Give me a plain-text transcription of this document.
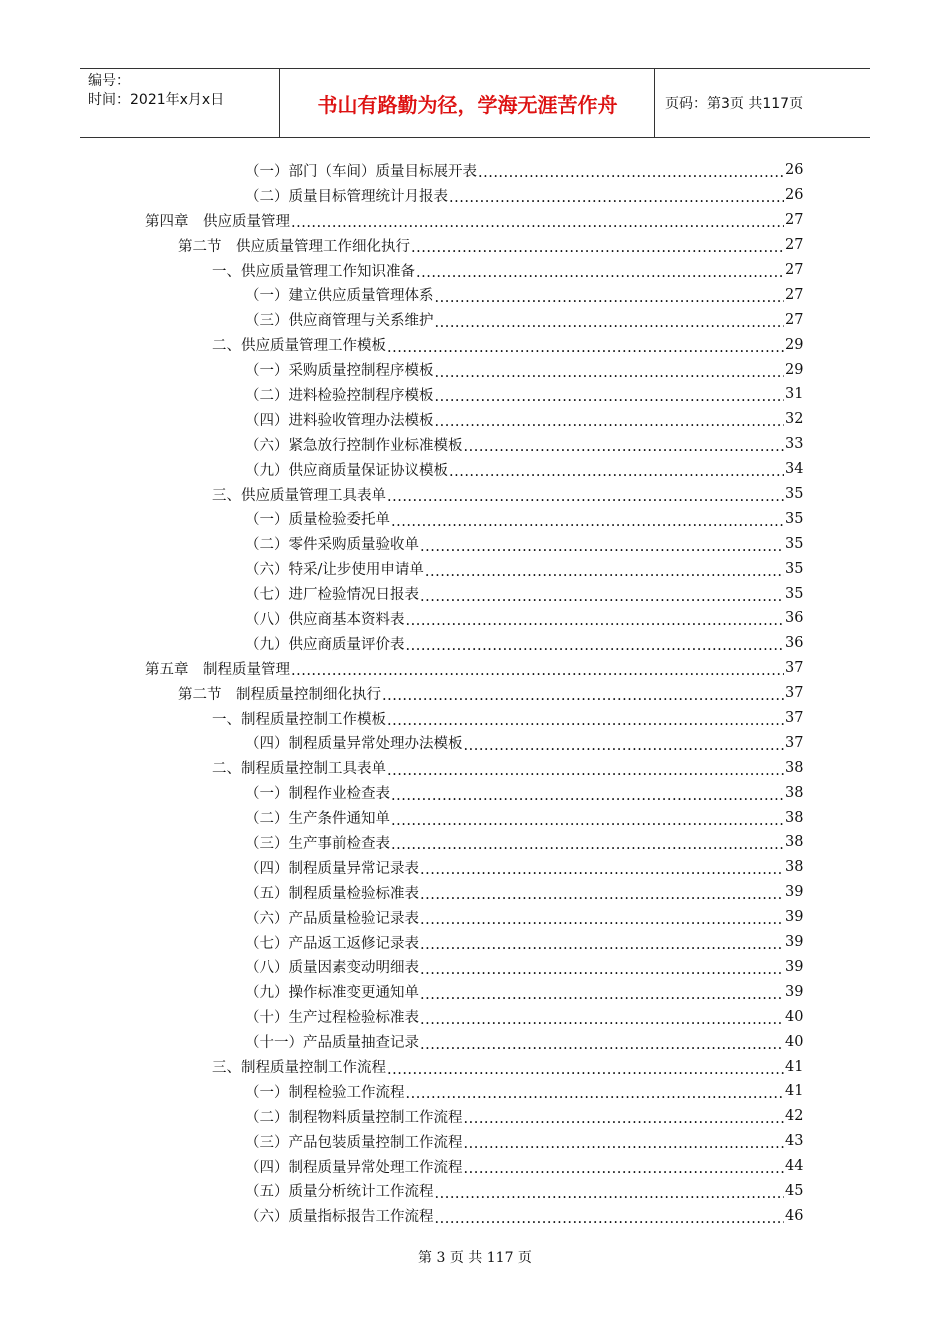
编号：
时间：2021年x月x日	书山有路勤为径，学海无涯苦作舟	页码：第3页 共117页
（一）部门（车间）质量目标展开表 .....	26
（二）质量目标管理统计月报表 .....	26
第四章　供应质量管理 .....	27
第二节　供应质量管理工作细化执行 .....	27
一、供应质量管理工作知识准备 .....	27
（一）建立供应质量管理体系 .....	27
（三）供应商管理与关系维护 .....	27
二、供应质量管理工作模板 .....	29
（一）采购质量控制程序模板 .....	29
（二）进料检验控制程序模板 .....	31
（四）进料验收管理办法模板 .....	32
（六）紧急放行控制作业标准模板 .....	33
（九）供应商质量保证协议模板 .....	34
三、供应质量管理工具表单 .....	35
（一）质量检验委托单 .....	35
（二）零件采购质量验收单 .....	35
（六）特采/让步使用申请单 .....	35
（七）进厂检验情况日报表 .....	35
（八）供应商基本资料表 .....	36
（九）供应商质量评价表 .....	36
第五章　制程质量管理 .....	37
第二节　制程质量控制细化执行 .....	37
一、制程质量控制工作模板 .....	37
（四）制程质量异常处理办法模板 .....	37
二、制程质量控制工具表单 .....	38
（一）制程作业检查表 .....	38
（二）生产条件通知单 .....	38
（三）生产事前检查表 .....	38
（四）制程质量异常记录表 .....	38
（五）制程质量检验标准表 .....	39
（六）产品质量检验记录表 .....	39
（七）产品返工返修记录表 .....	39
（八）质量因素变动明细表 .....	39
（九）操作标准变更通知单 .....	39
（十）生产过程检验标准表 .....	40
（十一）产品质量抽查记录 .....	40
三、制程质量控制工作流程 .....	41
（一）制程检验工作流程 .....	41
（二）制程物料质量控制工作流程 .....	42
（三）产品包装质量控制工作流程 .....	43
（四）制程质量异常处理工作流程 .....	44
（五）质量分析统计工作流程 .....	45
（六）质量指标报告工作流程 .....	46
第 3 页 共 117 页
